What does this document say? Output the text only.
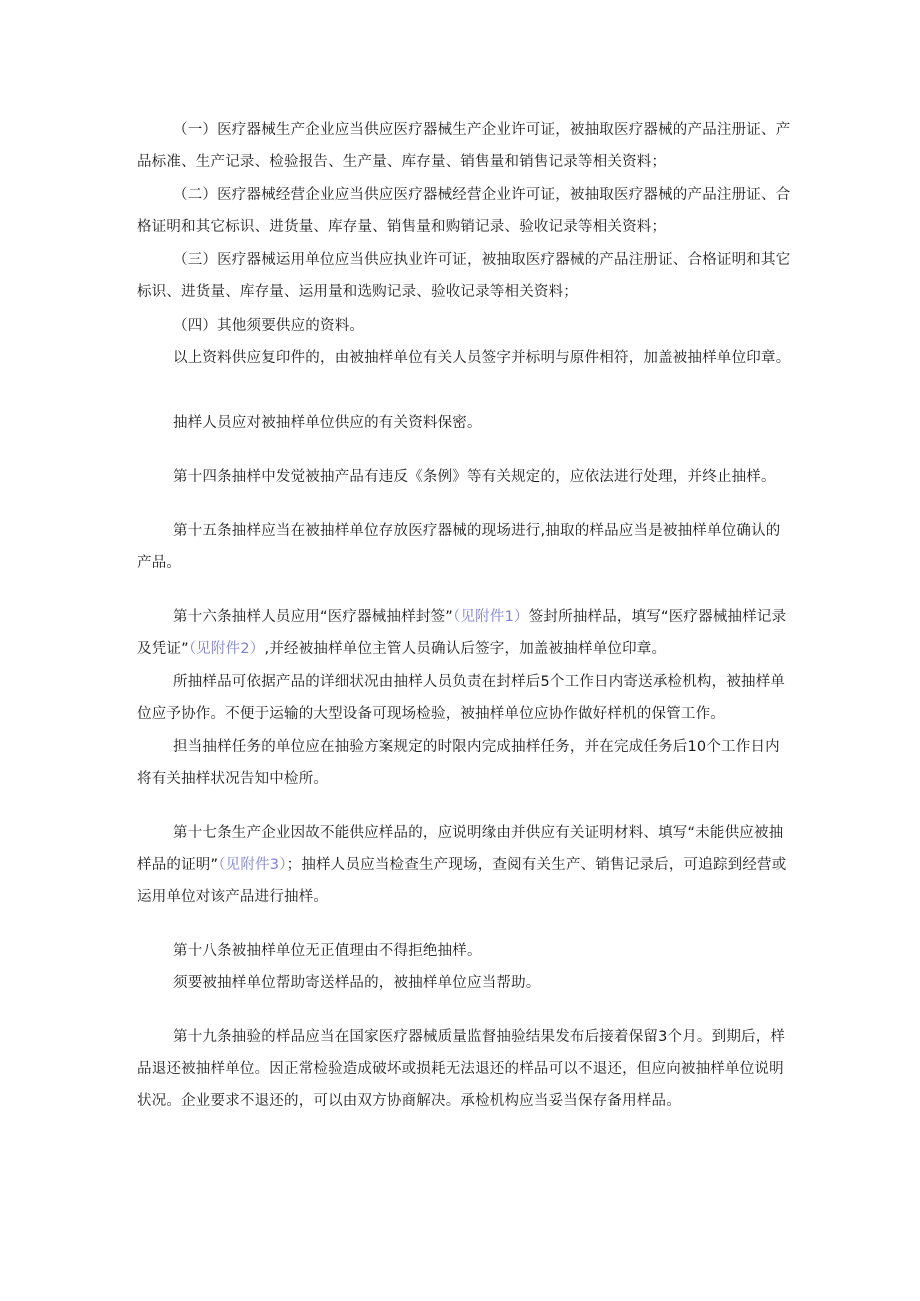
（一）医疗器械生产企业应当供应医疗器械生产企业许可证，被抽取医疗器械的产品注册证、产品标准、生产记录、检验报告、生产量、库存量、销售量和销售记录等相关资料；

（二）医疗器械经营企业应当供应医疗器械经营企业许可证，被抽取医疗器械的产品注册证、合格证明和其它标识、进货量、库存量、销售量和购销记录、验收记录等相关资料；

（三）医疗器械运用单位应当供应执业许可证，被抽取医疗器械的产品注册证、合格证明和其它标识、进货量、库存量、运用量和选购记录、验收记录等相关资料；

（四）其他须要供应的资料。

以上资料供应复印件的，由被抽样单位有关人员签字并标明与原件相符，加盖被抽样单位印章。

抽样人员应对被抽样单位供应的有关资料保密。

第十四条抽样中发觉被抽产品有违反《条例》等有关规定的，应依法进行处理，并终止抽样。

第十五条抽样应当在被抽样单位存放医疗器械的现场进行,抽取的样品应当是被抽样单位确认的产品。

第十六条抽样人员应用“医疗器械抽样封签”（见附件1）签封所抽样品，填写“医疗器械抽样记录及凭证”（见附件2）,并经被抽样单位主管人员确认后签字，加盖被抽样单位印章。

所抽样品可依据产品的详细状况由抽样人员负责在封样后5个工作日内寄送承检机构，被抽样单位应予协作。不便于运输的大型设备可现场检验，被抽样单位应协作做好样机的保管工作。

担当抽样任务的单位应在抽验方案规定的时限内完成抽样任务，并在完成任务后10个工作日内将有关抽样状况告知中检所。

第十七条生产企业因故不能供应样品的，应说明缘由并供应有关证明材料、填写“未能供应被抽样品的证明”（见附件3）；抽样人员应当检查生产现场，查阅有关生产、销售记录后，可追踪到经营或运用单位对该产品进行抽样。

第十八条被抽样单位无正值理由不得拒绝抽样。

须要被抽样单位帮助寄送样品的，被抽样单位应当帮助。

第十九条抽验的样品应当在国家医疗器械质量监督抽验结果发布后接着保留3个月。到期后，样品退还被抽样单位。因正常检验造成破坏或损耗无法退还的样品可以不退还，但应向被抽样单位说明状况。企业要求不退还的，可以由双方协商解决。承检机构应当妥当保存备用样品。
